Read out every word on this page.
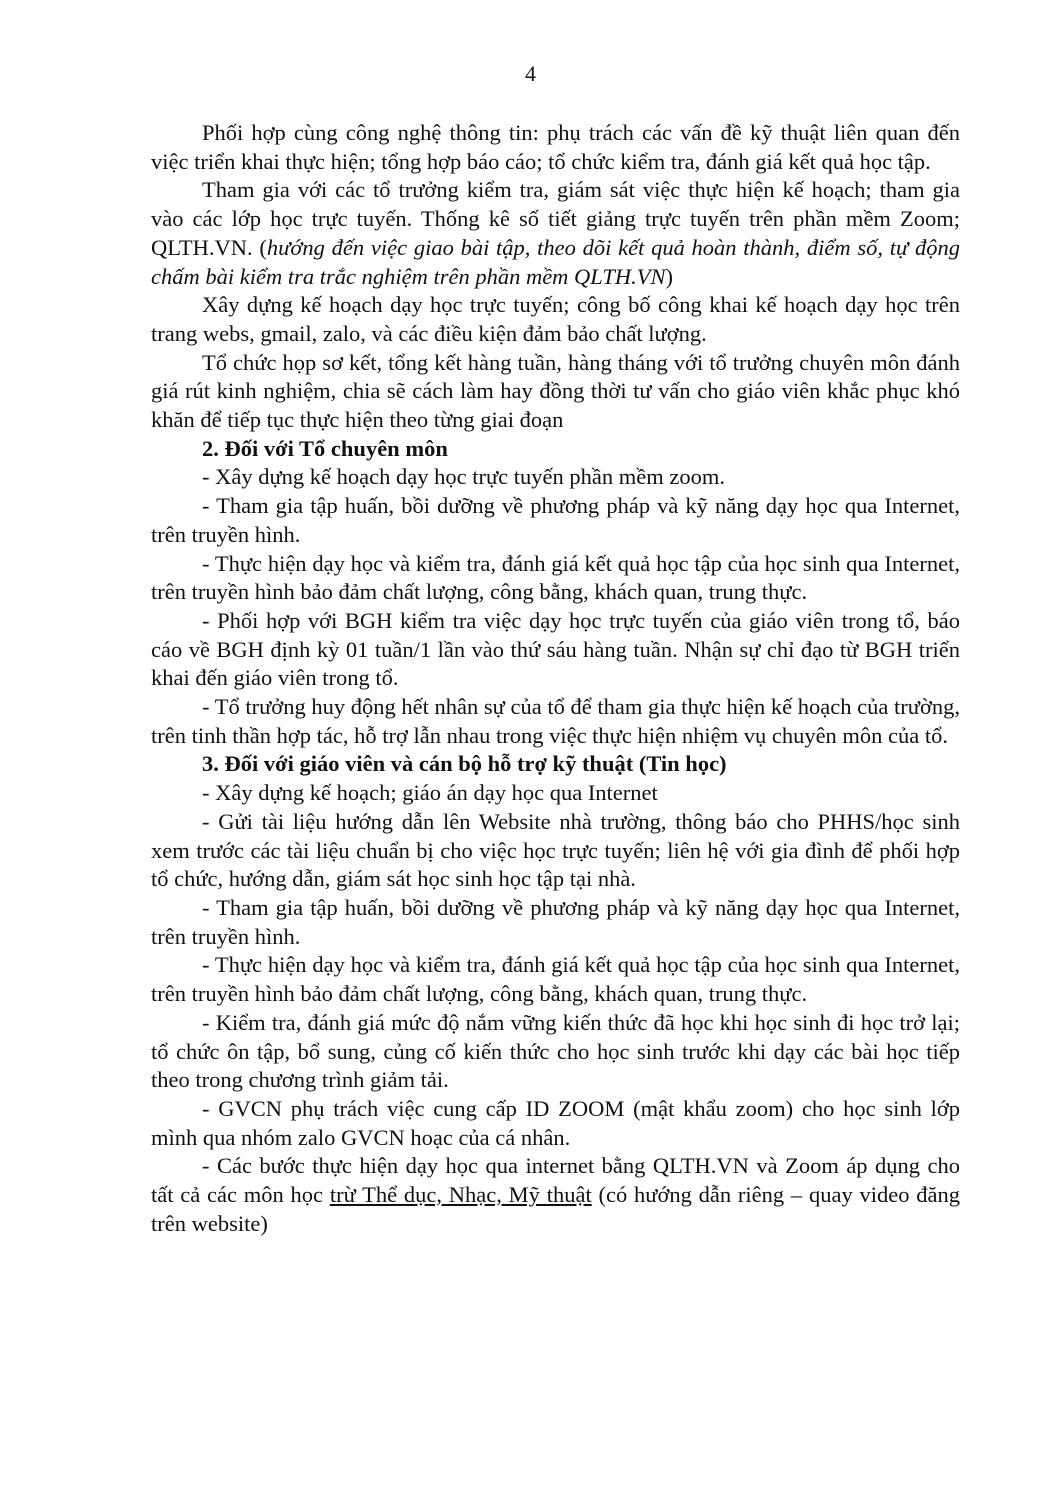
4

Phối hợp cùng công nghệ thông tin: phụ trách các vấn đề kỹ thuật liên quan đến việc triển khai thực hiện; tổng hợp báo cáo; tổ chức kiểm tra, đánh giá kết quả học tập.

Tham gia với các tổ trưởng kiểm tra, giám sát việc thực hiện kế hoạch; tham gia vào các lớp học trực tuyến. Thống kê số tiết giảng trực tuyến trên phần mềm Zoom; QLTH.VN. (hướng đến việc giao bài tập, theo dõi kết quả hoàn thành, điểm số, tự động chấm bài kiểm tra trắc nghiệm trên phần mềm QLTH.VN)

Xây dựng kế hoạch dạy học trực tuyến; công bố công khai kế hoạch dạy học trên trang webs, gmail, zalo, và các điều kiện đảm bảo chất lượng.

Tổ chức họp sơ kết, tổng kết hàng tuần, hàng tháng với tổ trưởng chuyên môn đánh giá rút kinh nghiệm, chia sẽ cách làm hay đồng thời tư vấn cho giáo viên khắc phục khó khăn để tiếp tục thực hiện theo từng giai đoạn

2. Đối với Tổ chuyên môn

- Xây dựng kế hoạch dạy học trực tuyến phần mềm zoom.

- Tham gia tập huấn, bồi dưỡng về phương pháp và kỹ năng dạy học qua Internet, trên truyền hình.

- Thực hiện dạy học và kiểm tra, đánh giá kết quả học tập của học sinh qua Internet, trên truyền hình bảo đảm chất lượng, công bằng, khách quan, trung thực.

- Phối hợp với BGH kiểm tra việc dạy học trực tuyến của giáo viên trong tổ, báo cáo về BGH định kỳ 01 tuần/1 lần vào thứ sáu hàng tuần. Nhận sự chỉ đạo từ BGH triển khai đến giáo viên trong tổ.

- Tổ trưởng huy động hết nhân sự của tổ để tham gia thực hiện kế hoạch của trường, trên tinh thần hợp tác, hỗ trợ lẫn nhau trong việc thực hiện nhiệm vụ chuyên môn của tổ.

3. Đối với giáo viên và cán bộ hỗ trợ kỹ thuật (Tin học)

- Xây dựng kế hoạch; giáo án dạy học qua Internet

- Gửi tài liệu hướng dẫn lên Website nhà trường, thông báo cho PHHS/học sinh xem trước các tài liệu chuẩn bị cho việc học trực tuyến; liên hệ với gia đình để phối hợp tổ chức, hướng dẫn, giám sát học sinh học tập tại nhà.

- Tham gia tập huấn, bồi dưỡng về phương pháp và kỹ năng dạy học qua Internet, trên truyền hình.

- Thực hiện dạy học và kiểm tra, đánh giá kết quả học tập của học sinh qua Internet, trên truyền hình bảo đảm chất lượng, công bằng, khách quan, trung thực.

- Kiểm tra, đánh giá mức độ nắm vững kiến thức đã học khi học sinh đi học trở lại; tổ chức ôn tập, bổ sung, củng cố kiến thức cho học sinh trước khi dạy các bài học tiếp theo trong chương trình giảm tải.

- GVCN phụ trách việc cung cấp ID ZOOM (mật khẩu zoom) cho học sinh lớp mình qua nhóm zalo GVCN hoạc của cá nhân.

- Các bước thực hiện dạy học qua internet bằng QLTH.VN và Zoom áp dụng cho tất cả các môn học trừ Thể dục, Nhạc, Mỹ thuật (có hướng dẫn riêng – quay video đăng trên website)
